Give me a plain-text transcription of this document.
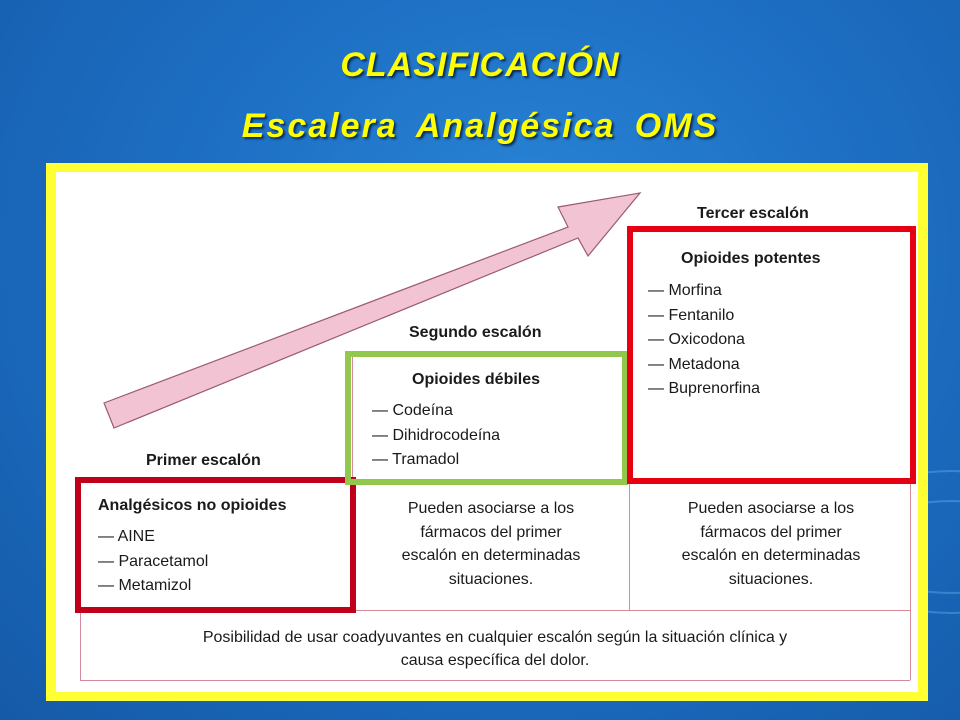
CLASIFICACIÓN
Escalera Analgésica OMS
Primer escalón
Segundo escalón
Tercer escalón
Analgésicos no opioides
— AINE
— Paracetamol
— Metamizol
Opioides débiles
— Codeína
— Dihidrocodeína
— Tramadol
Pueden asociarse a los
fármacos del primer
escalón en determinadas
situaciones.
Opioides potentes
— Morfina
— Fentanilo
— Oxicodona
— Metadona
— Buprenorfina
Pueden asociarse a los
fármacos del primer
escalón en determinadas
situaciones.
Posibilidad de usar coadyuvantes en cualquier escalón según la situación clínica y
causa específica del dolor.
